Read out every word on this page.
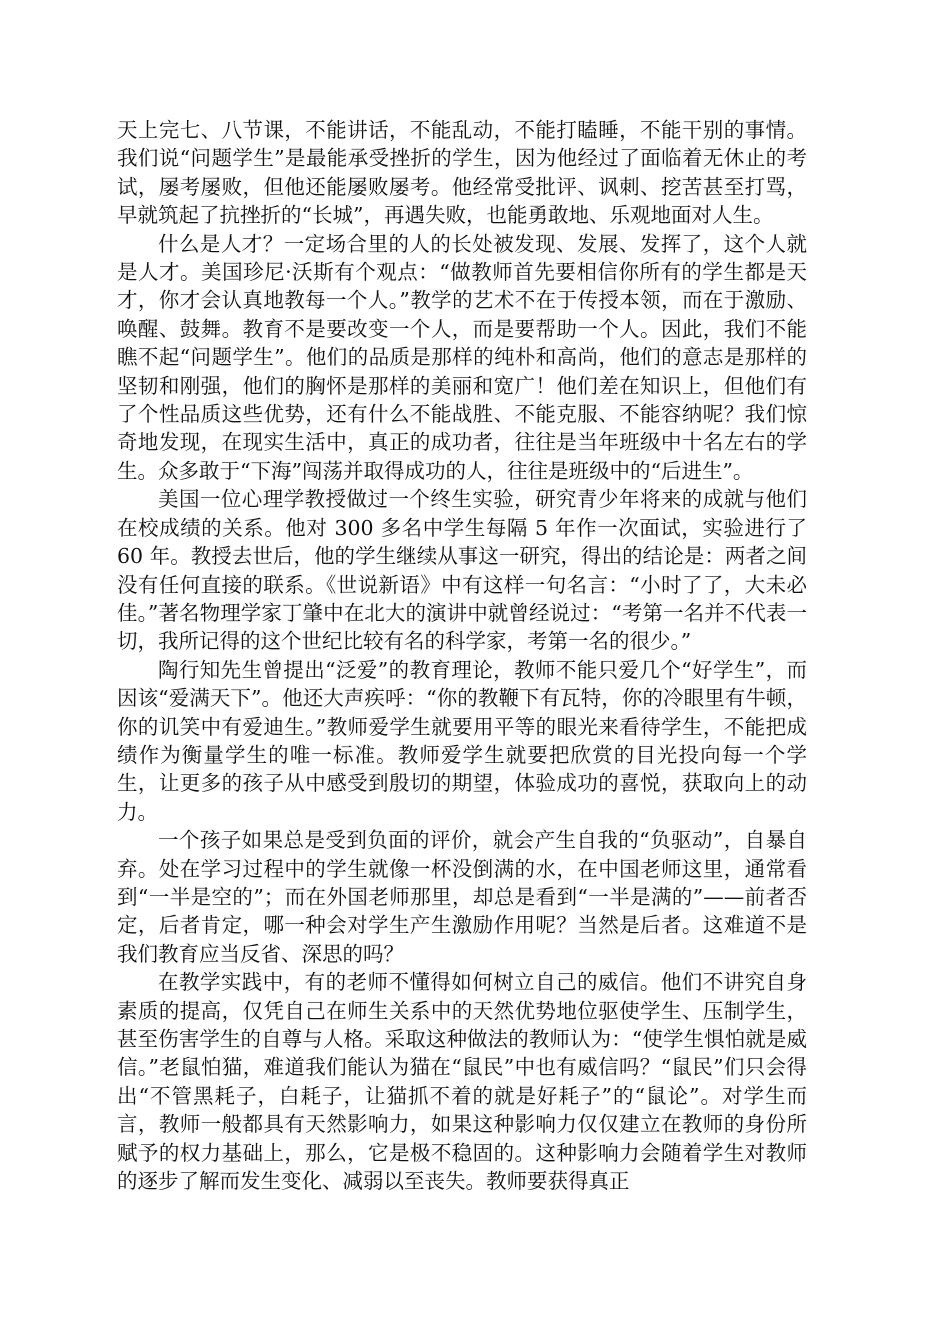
天上完七、八节课，不能讲话，不能乱动，不能打瞌睡，不能干别的事情。我们说“问题学生”是最能承受挫折的学生，因为他经过了面临着无休止的考试，屡考屡败，但他还能屡败屡考。他经常受批评、讽刺、挖苦甚至打骂，早就筑起了抗挫折的“长城”，再遇失败，也能勇敢地、乐观地面对人生。

什么是人才？一定场合里的人的长处被发现、发展、发挥了，这个人就是人才。美国珍尼·沃斯有个观点：“做教师首先要相信你所有的学生都是天才，你才会认真地教每一个人。”教学的艺术不在于传授本领，而在于激励、唤醒、鼓舞。教育不是要改变一个人，而是要帮助一个人。因此，我们不能瞧不起“问题学生”。他们的品质是那样的纯朴和高尚，他们的意志是那样的坚韧和刚强，他们的胸怀是那样的美丽和宽广！他们差在知识上，但他们有了个性品质这些优势，还有什么不能战胜、不能克服、不能容纳呢？我们惊奇地发现，在现实生活中，真正的成功者，往往是当年班级中十名左右的学生。众多敢于“下海”闯荡并取得成功的人，往往是班级中的“后进生”。

美国一位心理学教授做过一个终生实验，研究青少年将来的成就与他们在校成绩的关系。他对 300 多名中学生每隔 5 年作一次面试，实验进行了 60 年。教授去世后，他的学生继续从事这一研究，得出的结论是：两者之间没有任何直接的联系。《世说新语》中有这样一句名言：“小时了了，大未必佳。”著名物理学家丁肇中在北大的演讲中就曾经说过：“考第一名并不代表一切，我所记得的这个世纪比较有名的科学家，考第一名的很少。”

陶行知先生曾提出“泛爱”的教育理论，教师不能只爱几个“好学生”，而因该“爱满天下”。他还大声疾呼：“你的教鞭下有瓦特，你的冷眼里有牛顿，你的讥笑中有爱迪生。”教师爱学生就要用平等的眼光来看待学生，不能把成绩作为衡量学生的唯一标准。教师爱学生就要把欣赏的目光投向每一个学生，让更多的孩子从中感受到殷切的期望，体验成功的喜悦，获取向上的动力。

一个孩子如果总是受到负面的评价，就会产生自我的“负驱动”，自暴自弃。处在学习过程中的学生就像一杯没倒满的水，在中国老师这里，通常看到“一半是空的”；而在外国老师那里，却总是看到“一半是满的”——前者否定，后者肯定，哪一种会对学生产生激励作用呢？当然是后者。这难道不是我们教育应当反省、深思的吗？

在教学实践中，有的老师不懂得如何树立自己的威信。他们不讲究自身素质的提高，仅凭自己在师生关系中的天然优势地位驱使学生、压制学生，甚至伤害学生的自尊与人格。采取这种做法的教师认为：“使学生惧怕就是威信。”老鼠怕猫，难道我们能认为猫在“鼠民”中也有威信吗？“鼠民”们只会得出“不管黑耗子，白耗子，让猫抓不着的就是好耗子”的“鼠论”。对学生而言，教师一般都具有天然影响力，如果这种影响力仅仅建立在教师的身份所赋予的权力基础上，那么，它是极不稳固的。这种影响力会随着学生对教师的逐步了解而发生变化、减弱以至丧失。教师要获得真正
